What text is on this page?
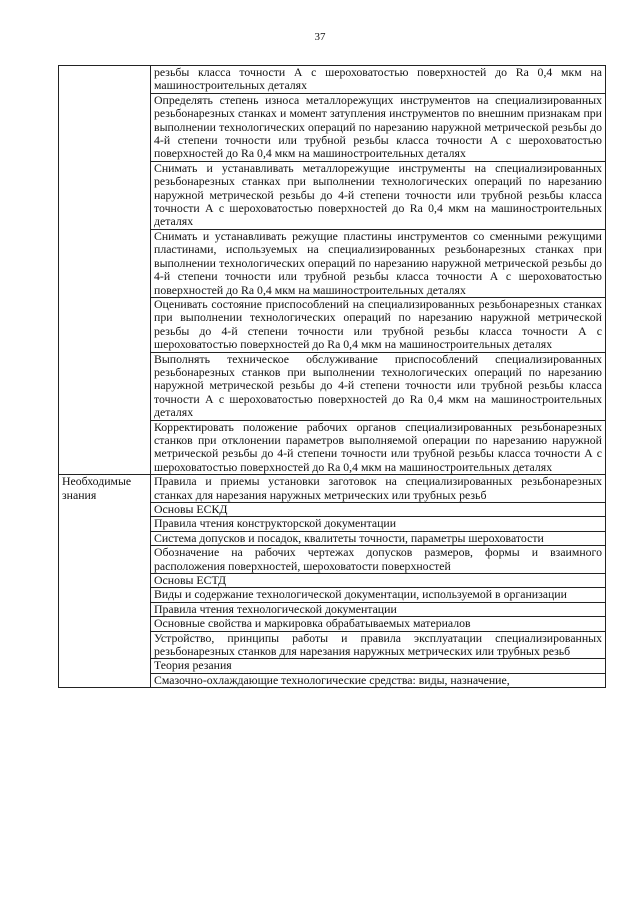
37
	резьбы класса точности А с шероховатостью поверхностей до Ra 0,4 мкм на машиностроительных деталях
	Определять степень износа металлорежущих инструментов на специализированных резьбонарезных станках и момент затупления инструментов по внешним признакам при выполнении технологических операций по нарезанию наружной метрической резьбы до 4-й степени точности или трубной резьбы класса точности А с шероховатостью поверхностей до Ra 0,4 мкм на машиностроительных деталях
	Снимать и устанавливать металлорежущие инструменты на специализированных резьбонарезных станках при выполнении технологических операций по нарезанию наружной метрической резьбы до 4-й степени точности или трубной резьбы класса точности А с шероховатостью поверхностей до Ra 0,4 мкм на машиностроительных деталях
	Снимать и устанавливать режущие пластины инструментов со сменными режущими пластинами, используемых на специализированных резьбонарезных станках при выполнении технологических операций по нарезанию наружной метрической резьбы до 4-й степени точности или трубной резьбы класса точности А с шероховатостью поверхностей до Ra 0,4 мкм на машиностроительных деталях
	Оценивать состояние приспособлений на специализированных резьбонарезных станках при выполнении технологических операций по нарезанию наружной метрической резьбы до 4-й степени точности или трубной резьбы класса точности А с шероховатостью поверхностей до Ra 0,4 мкм на машиностроительных деталях
	Выполнять техническое обслуживание приспособлений специализированных резьбонарезных станков при выполнении технологических операций по нарезанию наружной метрической резьбы до 4-й степени точности или трубной резьбы класса точности А с шероховатостью поверхностей до Ra 0,4 мкм на машиностроительных деталях
	Корректировать положение рабочих органов специализированных резьбонарезных станков при отклонении параметров выполняемой операции по нарезанию наружной метрической резьбы до 4-й степени точности или трубной резьбы класса точности А с шероховатостью поверхностей до Ra 0,4 мкм на машиностроительных деталях
Необходимые знания	Правила и приемы установки заготовок на специализированных резьбонарезных станках для нарезания наружных метрических или трубных резьб
	Основы ЕСКД
	Правила чтения конструкторской документации
	Система допусков и посадок, квалитеты точности, параметры шероховатости
	Обозначение на рабочих чертежах допусков размеров, формы и взаимного расположения поверхностей, шероховатости поверхностей
	Основы ЕСТД
	Виды и содержание технологической документации, используемой в организации
	Правила чтения технологической документации
	Основные свойства и маркировка обрабатываемых материалов
	Устройство, принципы работы и правила эксплуатации специализированных резьбонарезных станков для нарезания наружных метрических или трубных резьб
	Теория резания
	Смазочно-охлаждающие технологические средства: виды, назначение,
